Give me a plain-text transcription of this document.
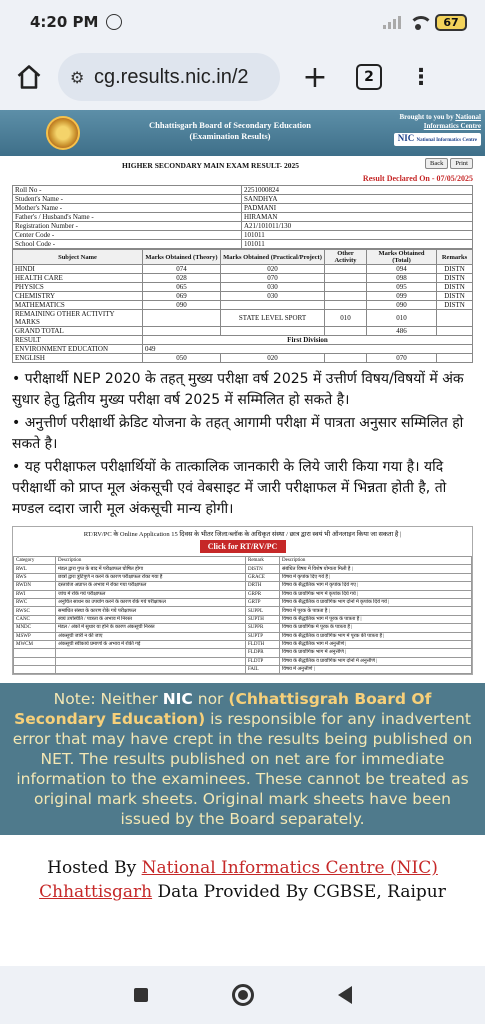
4:20 PM	67
⚙ cg.results.nic.in/2 +	2	⋮
Chhattisgarh Board of Secondary Education
(Examination Results)
Brought to you by National
Informatics Centre
NIC National Informatics Centre
HIGHER SECONDARY MAIN EXAM RESULT- 2025	Back	Print
Result Declared On - 07/05/2025
Roll No -	2251000824
Student's Name -	SANDHYA
Mother's Name -	PADMANI
Father's / Husband's Name -	HIRAMAN
Registration Number -	A21/101011/130
Center Code -	101011
School Code -	101011
Subject Name	Marks Obtained (Theory)	Marks Obtained (Practical/Project)	Other Activity	Marks Obtained (Total)	Remarks
HINDI	074	020		094	DISTN
HEALTH CARE	028	070		098	DISTN
PHYSICS	065	030		095	DISTN
CHEMISTRY	069	030		099	DISTN
MATHEMATICS	090			090	DISTN
REMAINING OTHER ACTIVITY MARKS		STATE LEVEL SPORT	010	010	
GRAND TOTAL				486	
RESULT	First Division				
ENVIRONMENT EDUCATION	049				
ENGLISH	050	020		070	

• परीक्षार्थी NEP 2020 के तहत् मुख्य परीक्षा वर्ष 2025 में उत्तीर्ण विषय/विषयों में अंक सुधार हेतु द्वितीय मुख्य परीक्षा वर्ष 2025 में सम्मिलित हो सकते है।

• अनुत्तीर्ण परीक्षार्थी क्रेडिट योजना के तहत् आगामी परीक्षा में पात्रता अनुसार सम्मिलित हो सकते है।

• यह परीक्षाफल परीक्षार्थियों के तात्कालिक जानकारी के लिये जारी किया गया है। यदि परीक्षार्थी को प्राप्त मूल अंकसूची एवं वेबसाइट में जारी परीक्षाफल में भिन्नता होती है, तो मण्डल व्दारा जारी मूल अंकसूची मान्य होगी।

RT/RV/PC के Online Application 15 दिवस के भीतर जिला/ब्लॉक के अधिकृत संस्था / छात्र द्वारा स्वयं भी ऑनलाइन किया जा सकता है |
Click for RT/RV/PC
Category	Description	Remark	Description
RWL	मंडल द्वारा गुप्त के बाद में परीक्षाफल घोषित होगा	DISTN	संबंधित विषय में विशेष योग्यता मिली है |
RWS	छात्रों द्वारा त्रुटिपूर्ण न करने के कारण परीक्षाफल रोका गया है	GRACE	विषय में कृपांक दिए गये है |
RWDN	दस्तावेज अप्राप्त के अभाव में रोका गया परीक्षाफल	DRTH	विषय के सैद्धांतिक भाग में कृपांक दिये गए |
RWI	जांच में रोके गये परीक्षाफल	GRPR	विषय के प्रायोगिक भाग में कृपांक दिये गये |
RWC	अनुचित साधन का उपयोग करने के कारण रोके गये परीक्षाफल	GRTP	विषय के सैद्धांतिक व प्रायोगिक भाग दोनों में कृपांक दिये गये |
RWSC	सम्बंधित संस्था के कारण रोके गये परीक्षाफल	SUPPL	विषय में पूरक के पात्रता है |
CANC	स्वयं उपस्थिति / पात्रता के अभाव में निरस्त	SUPTH	विषय के सैद्धांतिक भाग में पूरक के पात्रता है |
MNDC	मंडल / अंकों में सुधार या होने के कारण अंकसूची निरस्त	SUPPR	विषय के प्रायोगिक में पूरक के पात्रता है |
MSWP	अंकसूची जारी न की जाए	SUPTP	विषय के सैद्धांतिक व प्रायोगिक भाग में पूरक की पात्रता है |
MWCM	अंकसूची स्वीकार्य प्रमाणों के अभाव में रोकी गई	FLDTH	विषय के सैद्धांतिक भाग में अनुत्तीर्ण |
		FLDPR	विषय के प्रायोगिक भाग में अनुत्तीर्ण |
		FLDTP	विषय के सैद्धांतिक व प्रायोगिक भाग दोनों में अनुत्तीर्ण |
		FAIL	विषय में अनुत्तीर्ण |
Note: Neither NIC nor (Chhattisgrah Board Of Secondary Education) is responsible for any inadvertent error that may have crept in the results being published on NET. The results published on net are for immediate information to the examinees. These cannot be treated as original mark sheets. Original mark sheets have been issued by the Board separately.
Hosted By National Informatics Centre (NIC)
Chhattisgarh Data Provided By CGBSE, Raipur
